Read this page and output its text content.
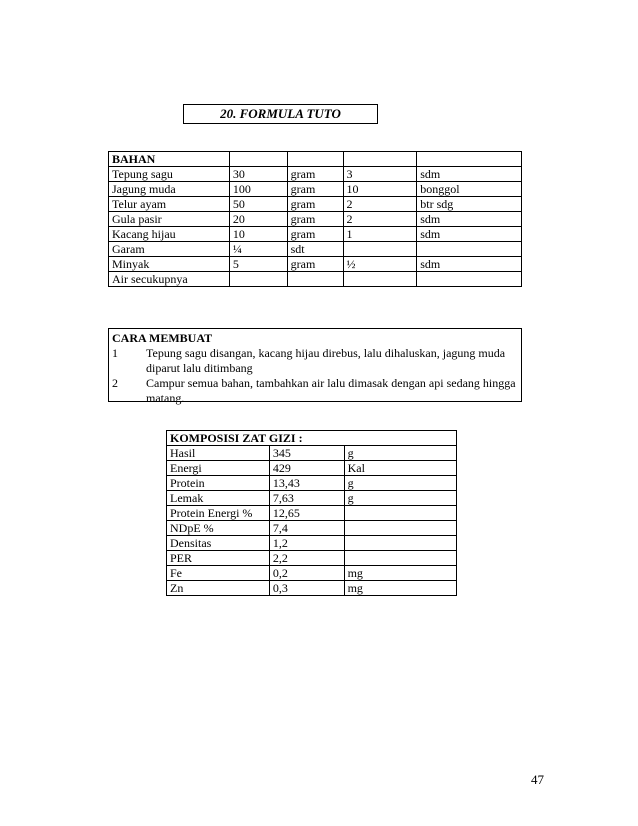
20. FORMULA TUTO
BAHAN				
Tepung sagu	30	gram	3	sdm
Jagung muda	100	gram	10	bonggol
Telur ayam	50	gram	2	btr sdg
Gula pasir	20	gram	2	sdm
Kacang hijau	10	gram	1	sdm
Garam	¼	sdt		
Minyak	5	gram	½	sdm
Air secukupnya				
CARA MEMBUAT
1	Tepung sagu disangan, kacang hijau direbus, lalu dihaluskan, jagung muda diparut lalu ditimbang
2	Campur semua bahan, tambahkan air lalu dimasak dengan api sedang hingga matang.
KOMPOSISI ZAT GIZI :		
Hasil	345	g
Energi	429	Kal
Protein	13,43	g
Lemak	7,63	g
Protein Energi %	12,65	
NDpE %	7,4	
Densitas	1,2	
PER	2,2	
Fe	0,2	mg
Zn	0,3	mg
47
